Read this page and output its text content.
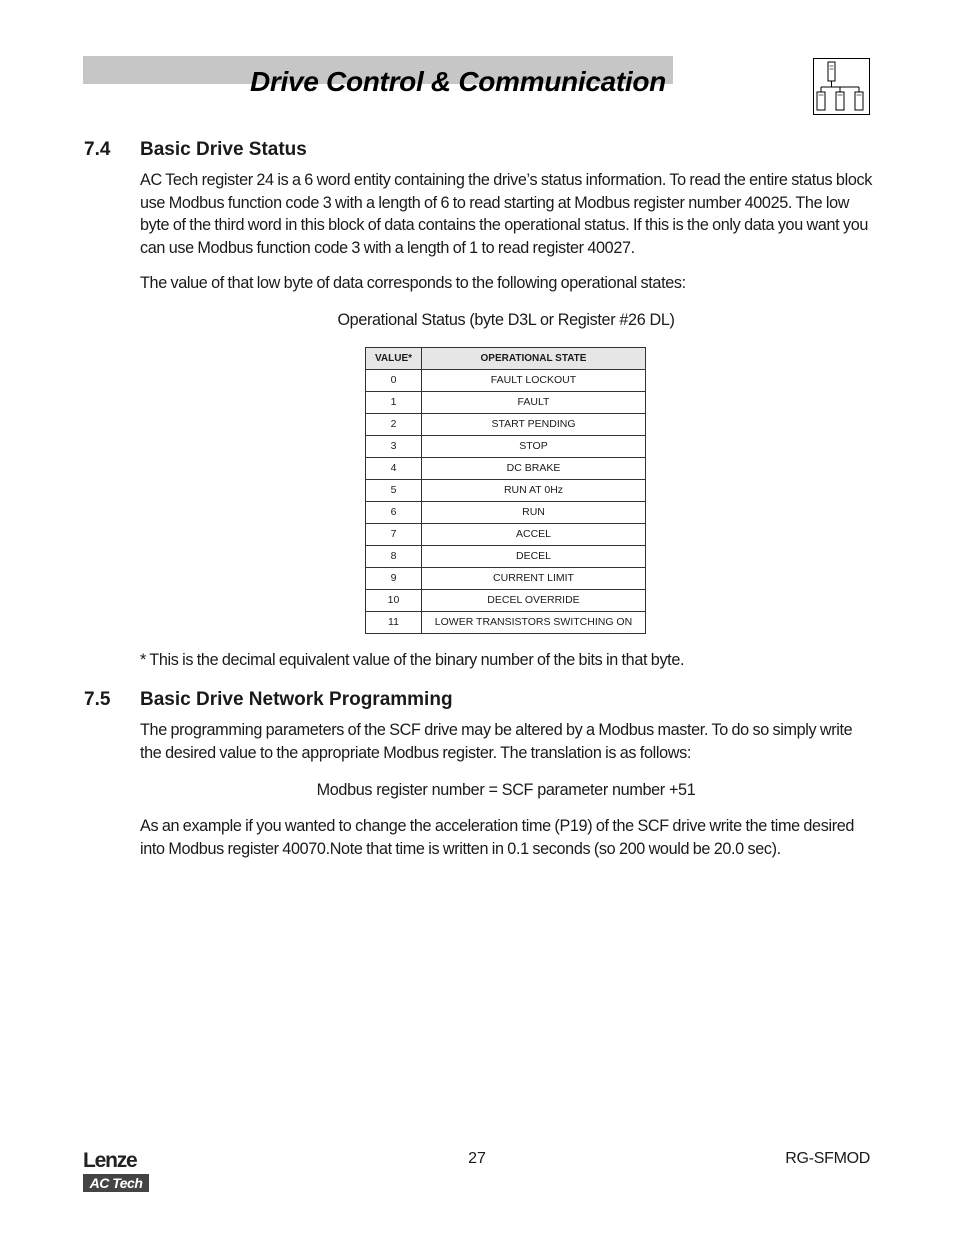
Drive Control & Communication
7.4 Basic Drive Status

AC Tech register 24 is a 6 word entity containing the drive’s status information. To read the entire status block use Modbus function code 3 with a length of 6 to read starting at Modbus register number 40025. The low byte of the third word in this block of data contains the operational status. If this is the only data you want you can use Modbus function code 3 with a length of 1 to read register 40027.

The value of that low byte of data corresponds to the following operational states:

Operational Status (byte D3L or Register #26 DL)

VALUE*	OPERATIONAL STATE
0	FAULT LOCKOUT
1	FAULT
2	START PENDING
3	STOP
4	DC BRAKE
5	RUN AT 0Hz
6	RUN
7	ACCEL
8	DECEL
9	CURRENT LIMIT
10	DECEL OVERRIDE
11	LOWER TRANSISTORS SWITCHING ON

* This is the decimal equivalent value of the binary number of the bits in that byte.

7.5 Basic Drive Network Programming

The programming parameters of the SCF drive may be altered by a Modbus master. To do so simply write the desired value to the appropriate Modbus register. The translation is as follows:

Modbus register number = SCF parameter number +51

As an example if you wanted to change the acceleration time (P19) of the SCF drive write the time desired into Modbus register 40070.Note that time is written in 0.1 seconds (so 200 would be 20.0 sec).

Lenze
AC Tech
27	RG-SFMOD
